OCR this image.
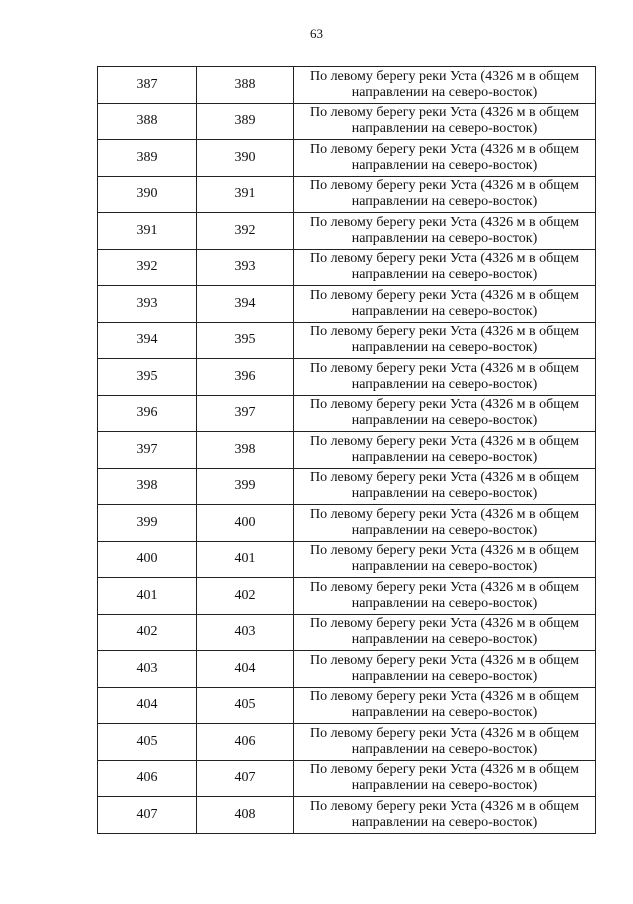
63
387	388	По левому берегу реки Уста (4326 м в общем
направлении на северо-восток)

388	389	По левому берегу реки Уста (4326 м в общем
направлении на северо-восток)

389	390	По левому берегу реки Уста (4326 м в общем
направлении на северо-восток)

390	391	По левому берегу реки Уста (4326 м в общем
направлении на северо-восток)

391	392	По левому берегу реки Уста (4326 м в общем
направлении на северо-восток)

392	393	По левому берегу реки Уста (4326 м в общем
направлении на северо-восток)

393	394	По левому берегу реки Уста (4326 м в общем
направлении на северо-восток)

394	395	По левому берегу реки Уста (4326 м в общем
направлении на северо-восток)

395	396	По левому берегу реки Уста (4326 м в общем
направлении на северо-восток)

396	397	По левому берегу реки Уста (4326 м в общем
направлении на северо-восток)

397	398	По левому берегу реки Уста (4326 м в общем
направлении на северо-восток)

398	399	По левому берегу реки Уста (4326 м в общем
направлении на северо-восток)

399	400	По левому берегу реки Уста (4326 м в общем
направлении на северо-восток)

400	401	По левому берегу реки Уста (4326 м в общем
направлении на северо-восток)

401	402	По левому берегу реки Уста (4326 м в общем
направлении на северо-восток)

402	403	По левому берегу реки Уста (4326 м в общем
направлении на северо-восток)

403	404	По левому берегу реки Уста (4326 м в общем
направлении на северо-восток)

404	405	По левому берегу реки Уста (4326 м в общем
направлении на северо-восток)

405	406	По левому берегу реки Уста (4326 м в общем
направлении на северо-восток)

406	407	По левому берегу реки Уста (4326 м в общем
направлении на северо-восток)

407	408	По левому берегу реки Уста (4326 м в общем
направлении на северо-восток)
